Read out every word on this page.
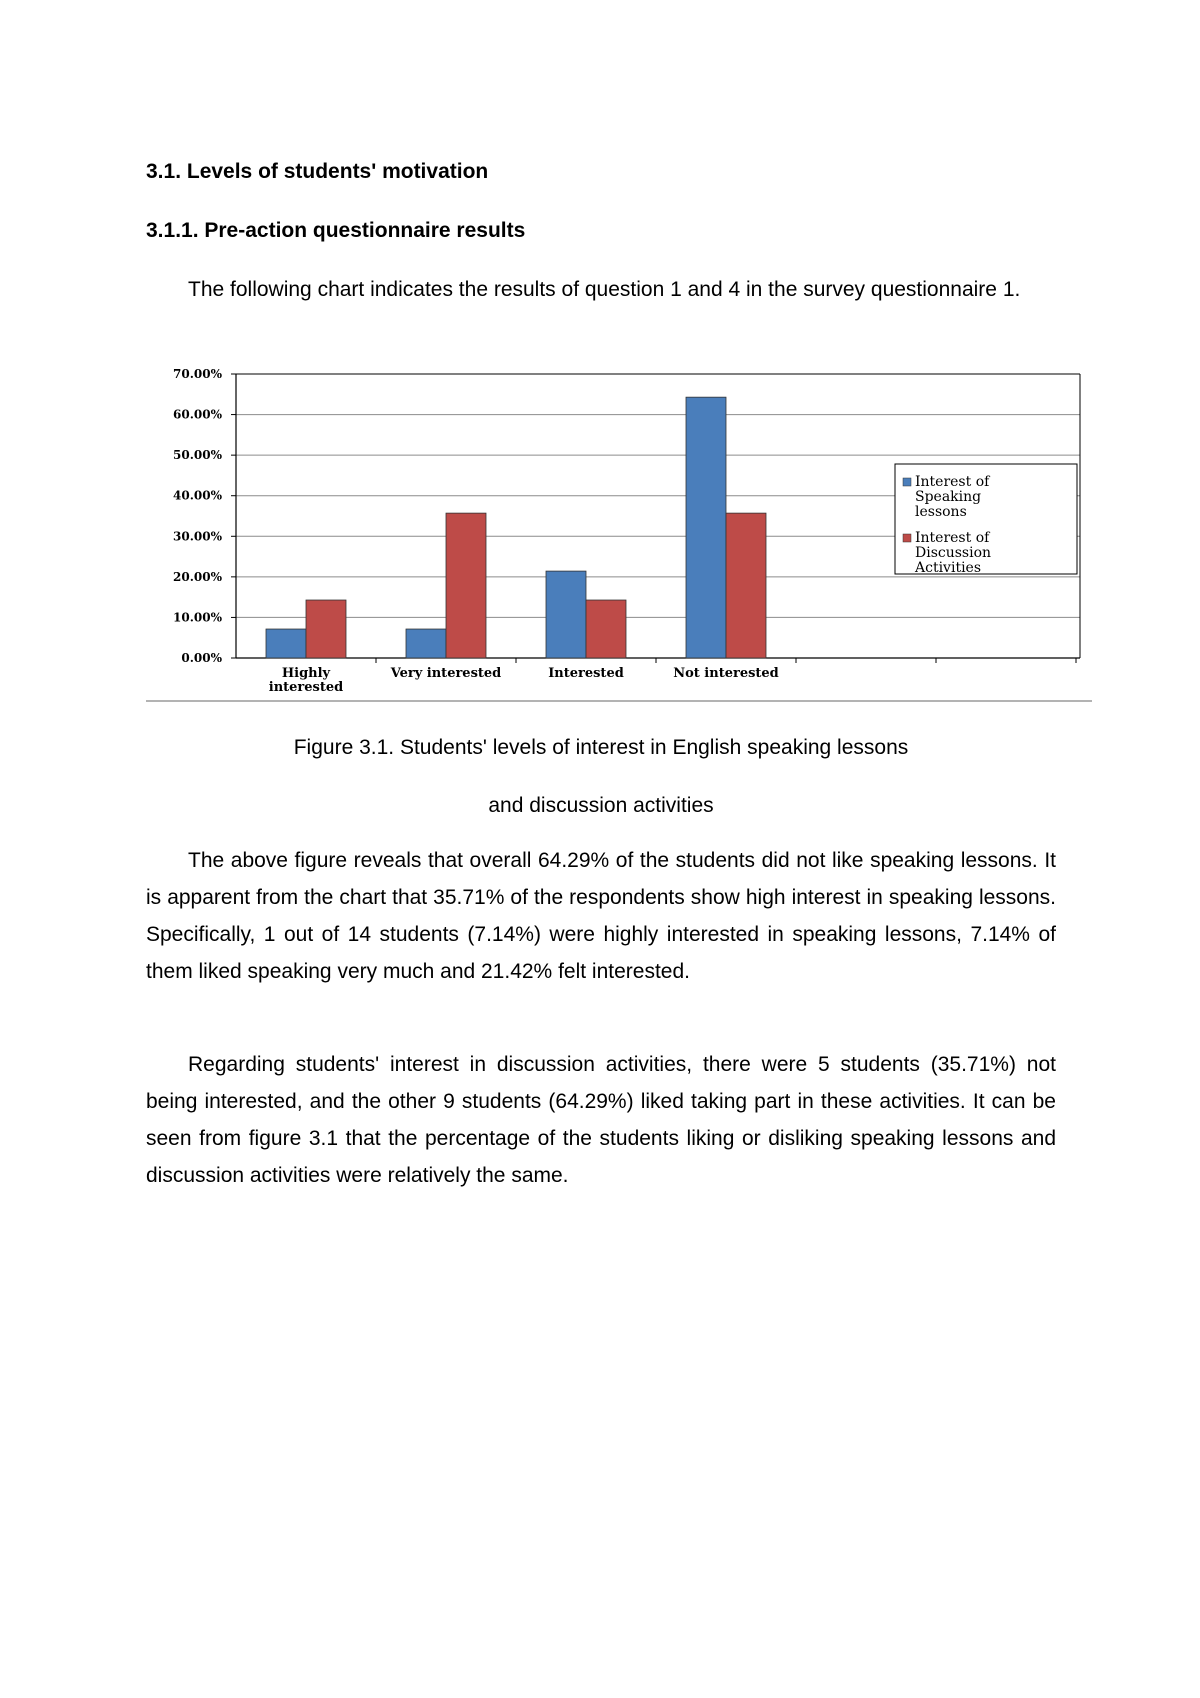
3.1. Levels of students' motivation

3.1.1. Pre-action questionnaire results

The following chart indicates the results of question 1 and 4 in the survey questionnaire 1.

0.00%
10.00%
20.00%
30.00%
40.00%
50.00%
60.00%
70.00%
Highly
interested
Very interested	Interested	Not interested
Interest of
Speaking
lessons
Interest of
Discussion
Activities

Figure 3.1. Students' levels of interest in English speaking lessons

and discussion activities

The above figure reveals that overall 64.29% of the students did not like speaking lessons. It is apparent from the chart that 35.71% of the respondents show high interest in speaking lessons. Specifically, 1 out of 14 students (7.14%) were highly interested in speaking lessons, 7.14% of them liked speaking very much and 21.42% felt interested.

Regarding students' interest in discussion activities, there were 5 students (35.71%) not being interested, and the other 9 students (64.29%) liked taking part in these activities. It can be seen from figure 3.1 that the percentage of the students liking or disliking speaking lessons and discussion activities were relatively the same.
